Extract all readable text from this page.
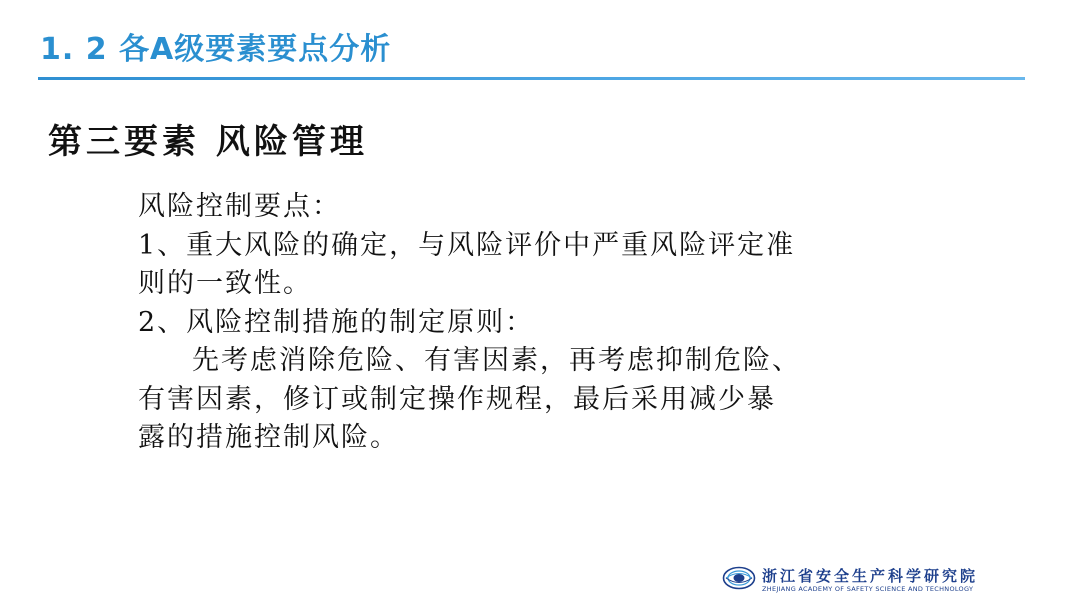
1. 2 各A级要素要点分析
第三要素 风险管理
风险控制要点：
1、重大风险的确定，与风险评价中严重风险评定准
则的一致性。
2、风险控制措施的制定原则：
先考虑消除危险、有害因素，再考虑抑制危险、
有害因素，修订或制定操作规程，最后采用减少暴
露的措施控制风险。
浙江省安全生产科学研究院
ZHEJIANG ACADEMY OF SAFETY SCIENCE AND TECHNOLOGY
